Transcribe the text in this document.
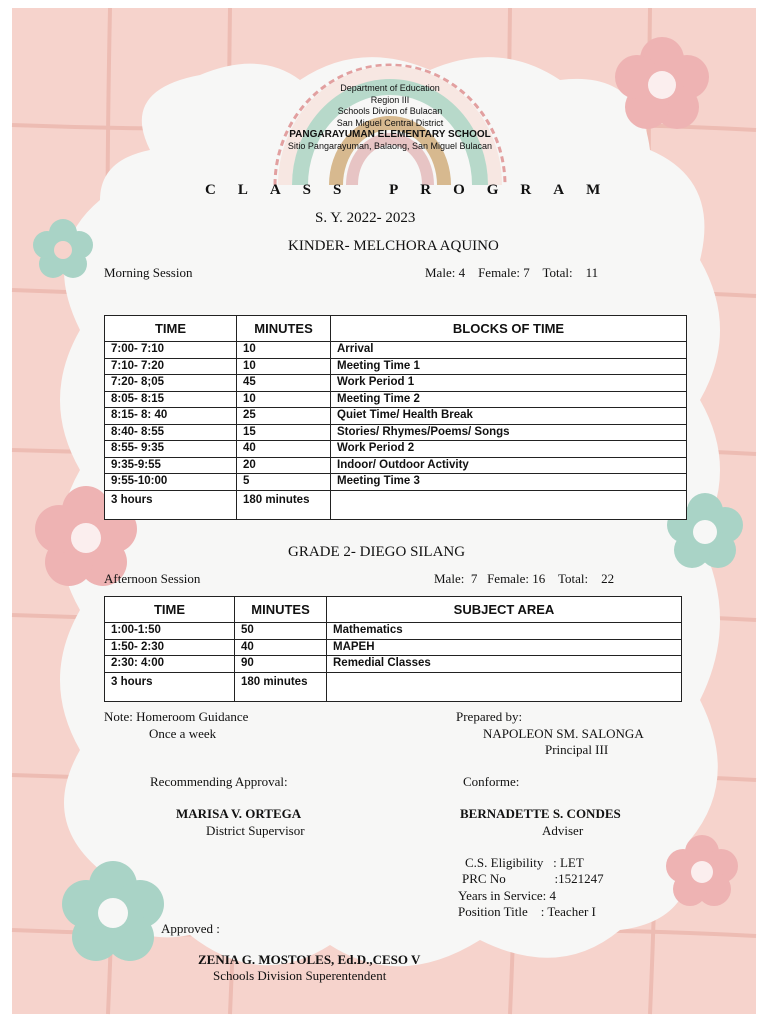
Department of Education
Region III
Schools Divion of Bulacan
San Miguel Central District
PANGARAYUMAN ELEMENTARY SCHOOL
Sitio Pangarayuman, Balaong, San Miguel Bulacan
CLASS PROGRAM
S. Y. 2022- 2023
KINDER- MELCHORA AQUINO
Morning Session	Male: 4    Female: 7    Total:    11
TIME	MINUTES	BLOCKS OF TIME
7:00- 7:10	10	Arrival
7:10- 7:20	10	Meeting Time 1
7:20- 8;05	45	Work Period 1
8:05- 8:15	10	Meeting Time 2
8:15- 8: 40	25	Quiet Time/ Health Break
8:40- 8:55	15	Stories/ Rhymes/Poems/ Songs
8:55- 9:35	40	Work Period 2
9:35-9:55	20	Indoor/ Outdoor Activity
9:55-10:00	5	Meeting Time 3
3 hours	180 minutes	
GRADE 2- DIEGO SILANG
Afternoon Session	Male:  7   Female: 16    Total:    22
TIME	MINUTES	SUBJECT AREA
1:00-1:50	50	Mathematics
1:50- 2:30	40	MAPEH
2:30: 4:00	90	Remedial Classes
3 hours	180 minutes	
Note: Homeroom Guidance
Once a week
Prepared by:
NAPOLEON SM. SALONGA
Principal III
Recommending Approval:	Conforme:
MARISA V. ORTEGA
District Supervisor
BERNADETTE S. CONDES
Adviser
C.S. Eligibility   : LET
PRC No               :1521247
Years in Service: 4
Position Title    : Teacher I
Approved :
ZENIA G. MOSTOLES, Ed.D.,CESO V
Schools Division Superentendent
